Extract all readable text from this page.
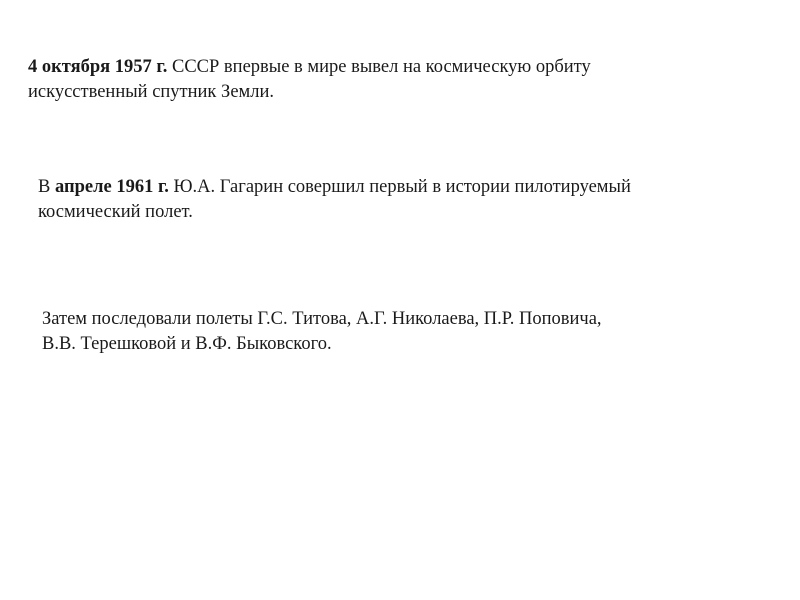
4 октября 1957 г. СССР впервые в мире вывел на космическую орбиту
искусственный спутник Земли.
В апреле 1961 г. Ю.А. Гагарин совершил первый в истории пилотируемый
космический полет.
Затем последовали полеты Г.С. Титова, А.Г. Николаева, П.Р. Поповича,
В.В. Терешковой и В.Ф. Быковского.
